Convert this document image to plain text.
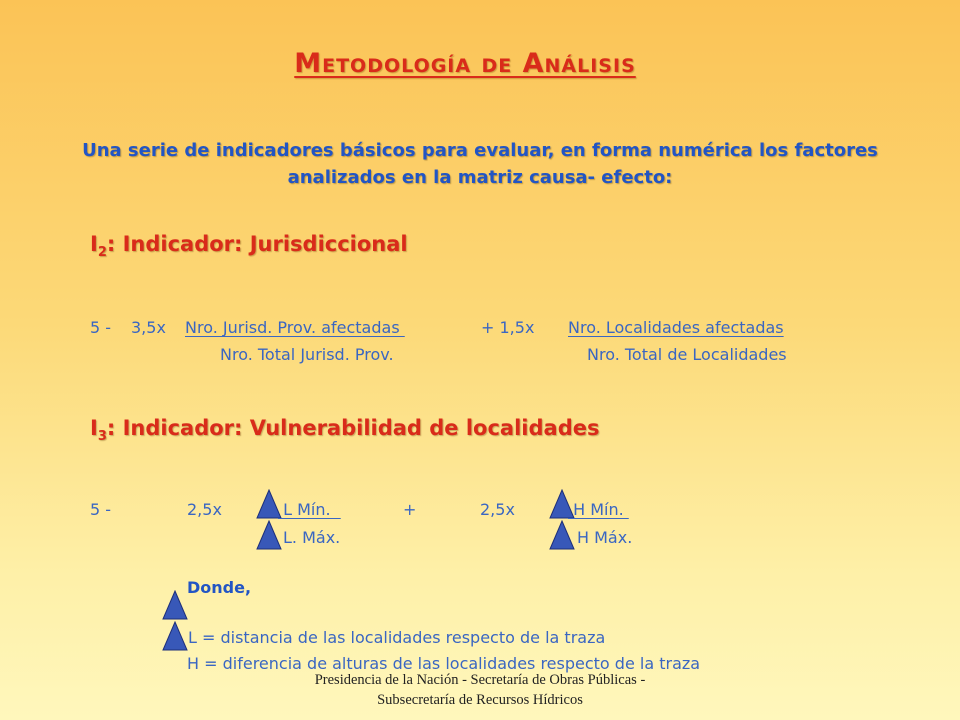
Metodología de Análisis
Una serie de indicadores básicos para evaluar, en forma numérica los factores analizados en la matriz causa- efecto:
$I_2$: Indicador: Jurisdiccional
5 - 3,5x Nro. Jurisd. Prov. afectadas	+ 1,5x Nro. Localidades afectadas
Nro. Total Jurisd. Prov.	Nro. Total de Localidades
$I_3$: Indicador: Vulnerabilidad de localidades
5 -	2,5x	L Mín.	+	2,5x	H Mín.
L. Máx.	H Máx.
Donde,
L = distancia de las localidades respecto de la traza
H = diferencia de alturas de las localidades respecto de la traza
Presidencia de la Nación - Secretaría de Obras Públicas - Subsecretaría de Recursos Hídricos
